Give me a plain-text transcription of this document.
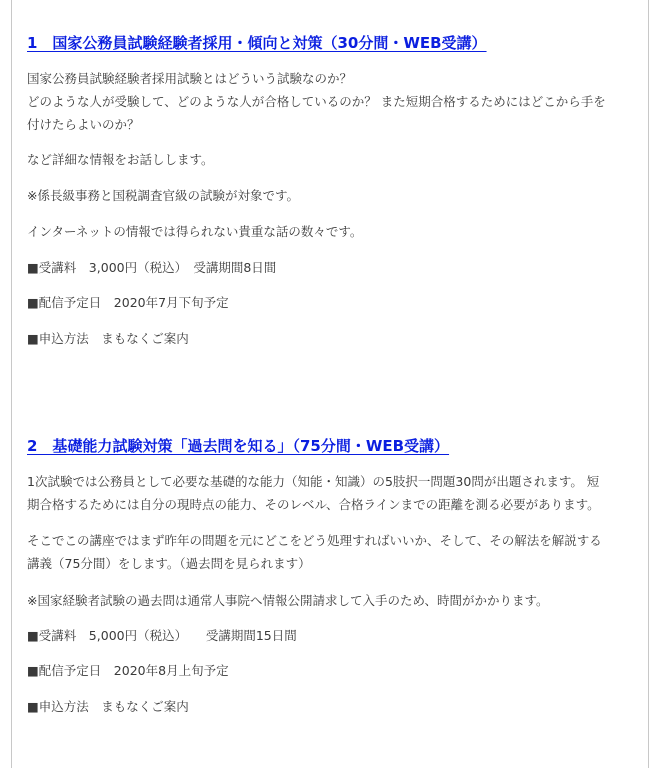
1　国家公務員試験経験者採用・傾向と対策（30分間・WEB受講）
国家公務員試験経験者採用試験とはどういう試験なのか？
どのような人が受験して、どのような人が合格しているのか？ また短期合格するためにはどこから手を
付けたらよいのか？
など詳細な情報をお話しします。
※係長級事務と国税調査官級の試験が対象です。
インターネットの情報では得られない貴重な話の数々です。
■受講料　3,000円（税込）　受講期間8日間
■配信予定日　2020年7月下旬予定
■申込方法　まもなくご案内
2　基礎能力試験対策「過去問を知る」（75分間・WEB受講）
1次試験では公務員として必要な基礎的な能力（知能・知識）の5肢択一問題30問が出題されます。 短
期合格するためには自分の現時点の能力、そのレベル、合格ラインまでの距離を測る必要があります。
そこでこの講座ではまず昨年の問題を元にどこをどう処理すればいいか、そして、その解法を解説する
講義（75分間）をします。（過去問を見られます）
※国家経験者試験の過去問は通常人事院へ情報公開請求して入手のため、時間がかかります。
■受講料　5,000円（税込）　　受講期間15日間
■配信予定日　2020年8月上旬予定
■申込方法　まもなくご案内
